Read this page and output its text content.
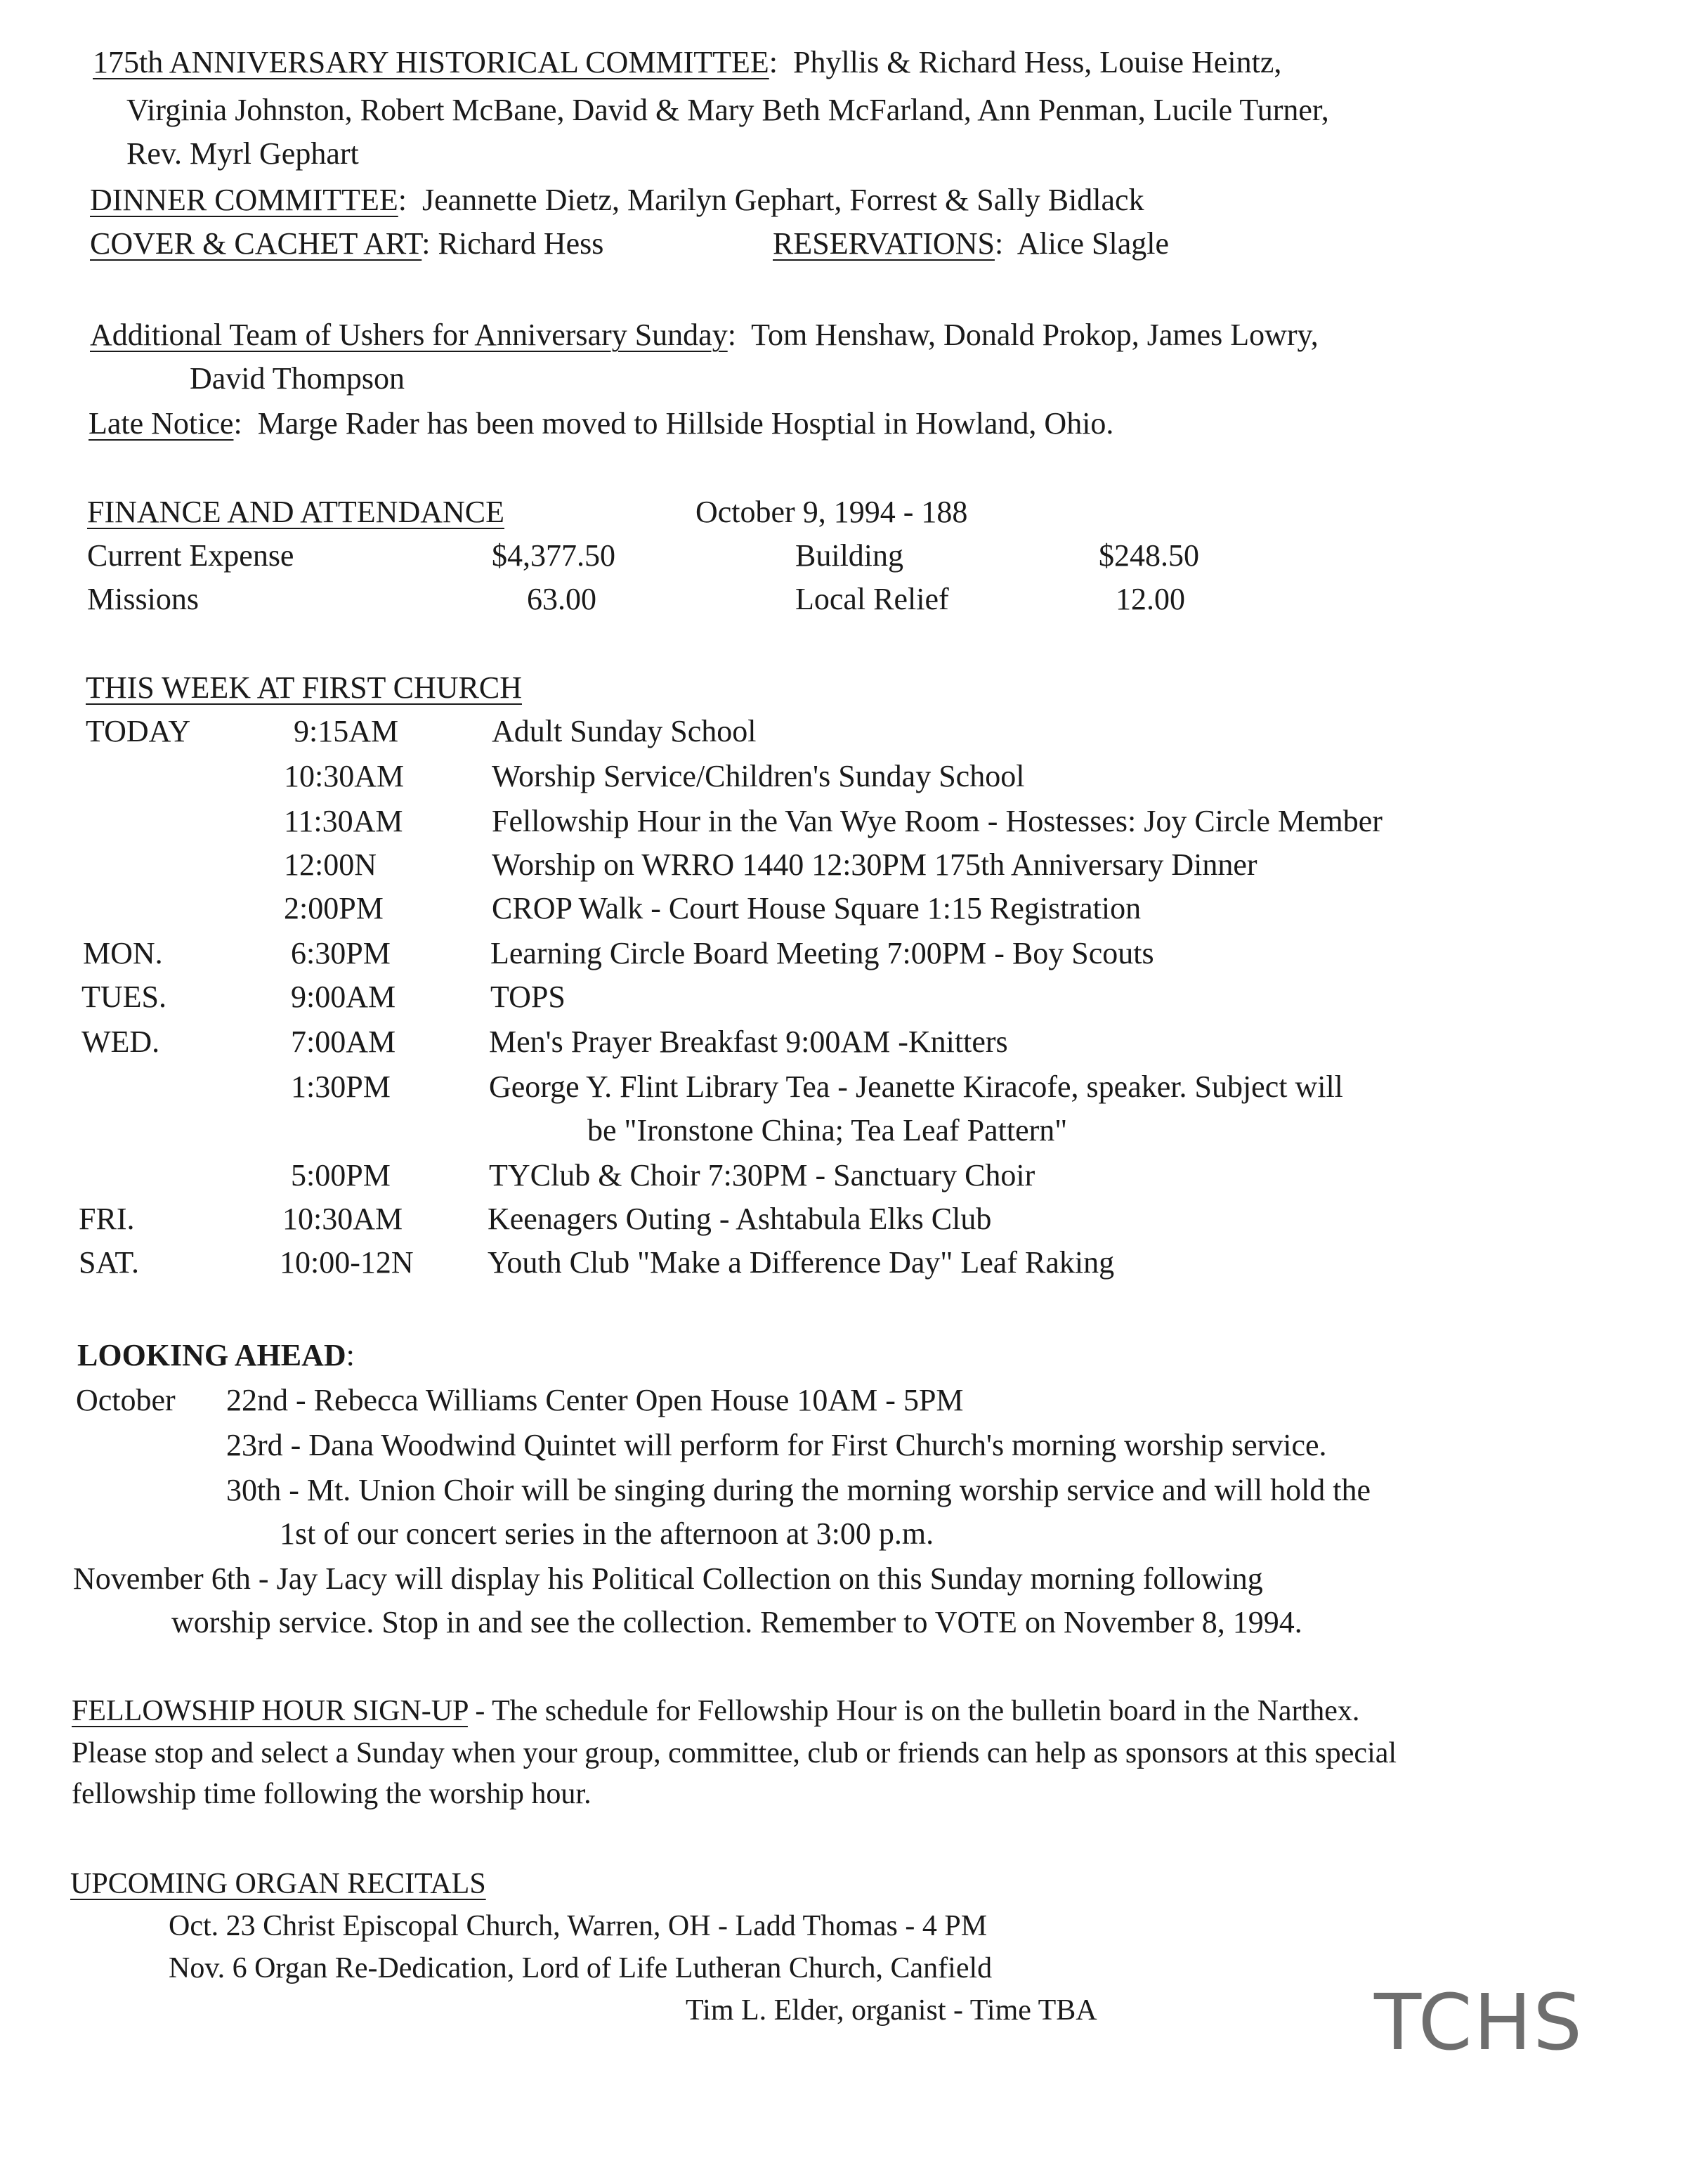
175th ANNIVERSARY HISTORICAL COMMITTEE:  Phyllis & Richard Hess, Louise Heintz,
Virginia Johnston, Robert McBane, David & Mary Beth McFarland, Ann Penman, Lucile Turner,
Rev. Myrl Gephart
DINNER COMMITTEE:  Jeannette Dietz, Marilyn Gephart, Forrest & Sally Bidlack
COVER & CACHET ART: Richard Hess	RESERVATIONS:  Alice Slagle
Additional Team of Ushers for Anniversary Sunday:  Tom Henshaw, Donald Prokop, James Lowry,
David Thompson
Late Notice:  Marge Rader has been moved to Hillside Hosptial in Howland, Ohio.
FINANCE AND ATTENDANCE	October 9, 1994 - 188
Current Expense	$4,377.50	Building	$248.50
Missions	63.00	Local Relief	12.00
THIS WEEK AT FIRST CHURCH
TODAY	9:15AM	Adult Sunday School
10:30AM	Worship Service/Children's Sunday School
11:30AM	Fellowship Hour in the Van Wye Room - Hostesses: Joy Circle Member
12:00N	Worship on WRRO 1440 12:30PM 175th Anniversary Dinner
2:00PM	CROP Walk - Court House Square 1:15 Registration
MON.	6:30PM	Learning Circle Board Meeting 7:00PM - Boy Scouts
TUES.	9:00AM	TOPS
WED.	7:00AM	Men's Prayer Breakfast 9:00AM -Knitters
1:30PM	George Y. Flint Library Tea - Jeanette Kiracofe, speaker. Subject will
be "Ironstone China; Tea Leaf Pattern"
5:00PM	TYClub & Choir 7:30PM - Sanctuary Choir
FRI.	10:30AM	Keenagers Outing - Ashtabula Elks Club
SAT.	10:00-12N Youth Club "Make a Difference Day" Leaf Raking
LOOKING AHEAD:
October 22nd - Rebecca Williams Center Open House 10AM - 5PM
23rd - Dana Woodwind Quintet will perform for First Church's morning worship service.
30th - Mt. Union Choir will be singing during the morning worship service and will hold the
1st of our concert series in the afternoon at 3:00 p.m.
November 6th - Jay Lacy will display his Political Collection on this Sunday morning following
worship service. Stop in and see the collection. Remember to VOTE on November 8, 1994.
FELLOWSHIP HOUR SIGN-UP - The schedule for Fellowship Hour is on the bulletin board in the Narthex.
Please stop and select a Sunday when your group, committee, club or friends can help as sponsors at this special
fellowship time following the worship hour.
UPCOMING ORGAN RECITALS
Oct. 23 Christ Episcopal Church, Warren, OH - Ladd Thomas - 4 PM
Nov. 6 Organ Re-Dedication, Lord of Life Lutheran Church, Canfield
Tim L. Elder, organist - Time TBA	TCHS
